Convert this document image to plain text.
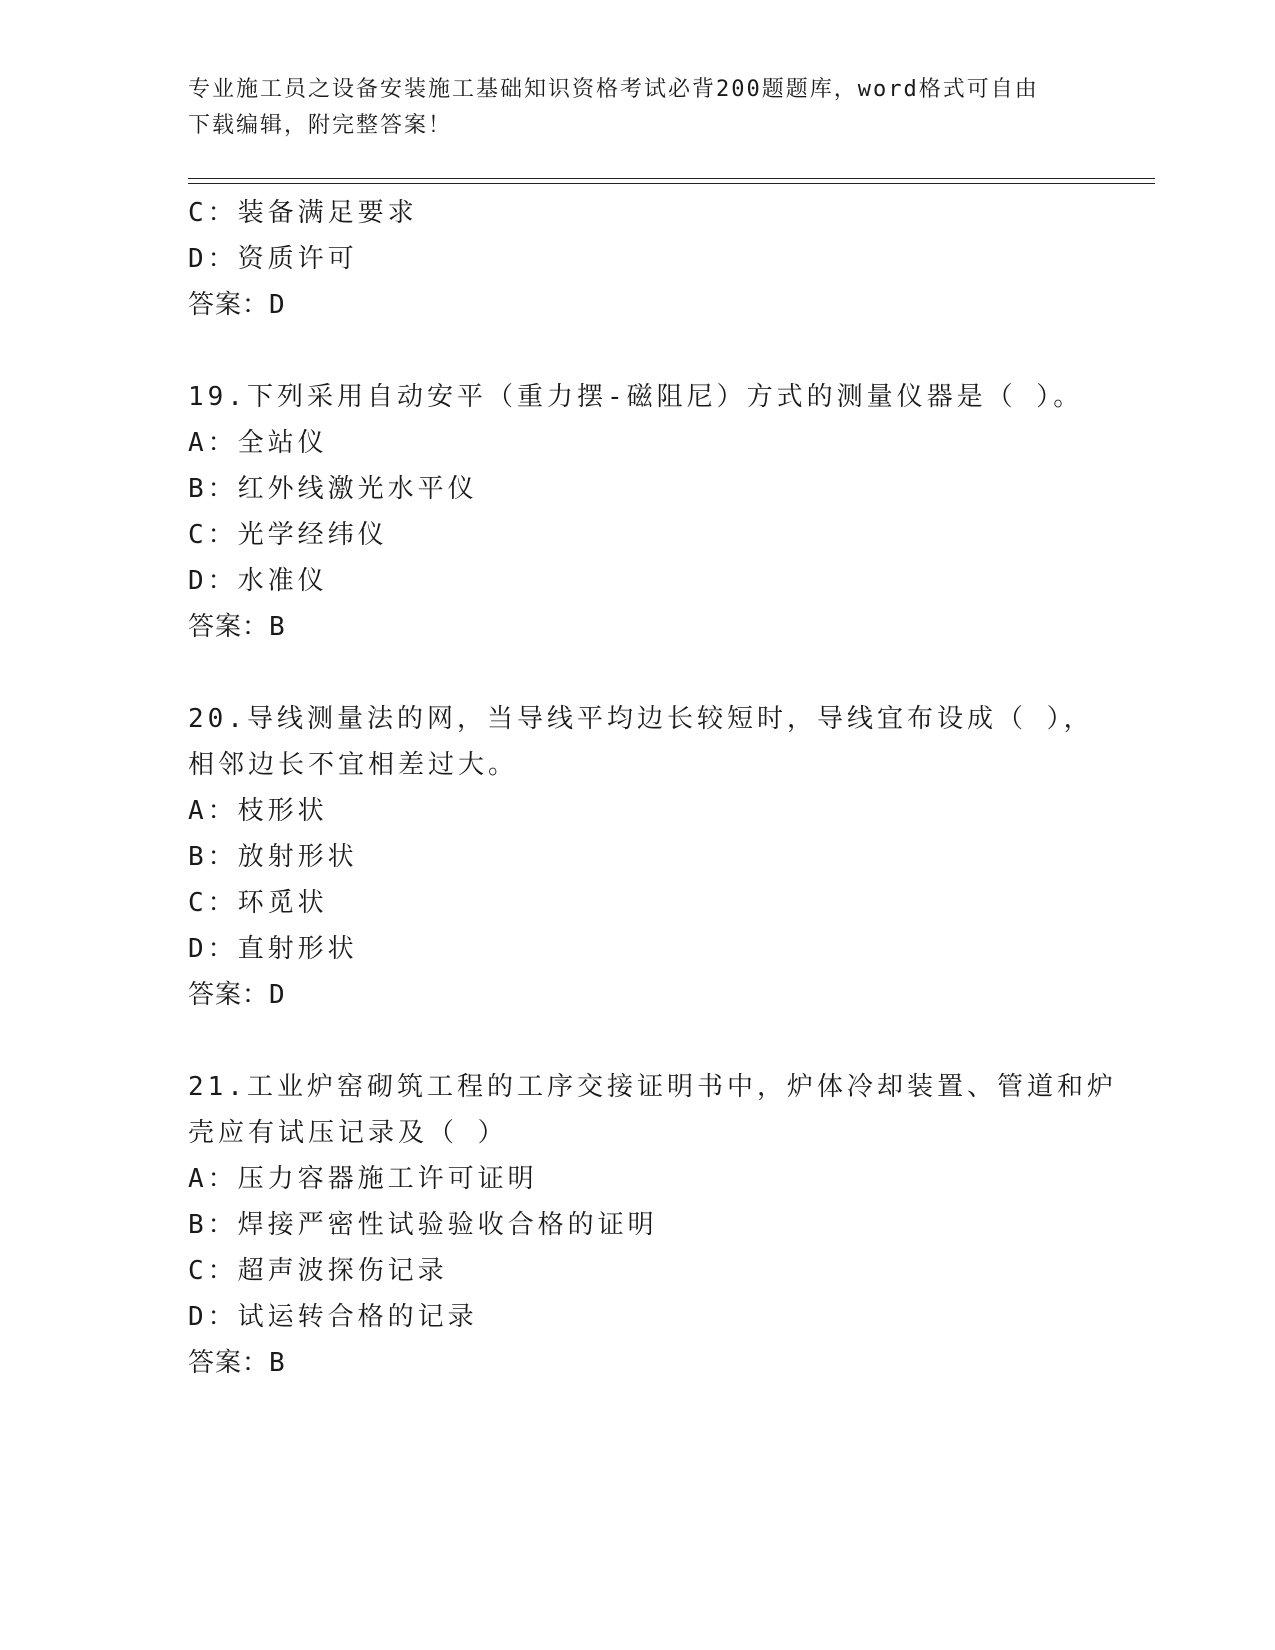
专业施工员之设备安装施工基础知识资格考试必背200题题库，word格式可自由
下载编辑，附完整答案！
C：装备满足要求
D：资质许可
答案：D
19.下列采用自动安平（重力摆-磁阻尼）方式的测量仪器是（ ）。
A：全站仪
B：红外线激光水平仪
C：光学经纬仪
D：水准仪
答案：B
20.导线测量法的网，当导线平均边长较短时，导线宜布设成（ ），
相邻边长不宜相差过大。
A：枝形状
B：放射形状
C：环觅状
D：直射形状
答案：D
21.工业炉窑砌筑工程的工序交接证明书中，炉体冷却装置、管道和炉
壳应有试压记录及（ ）
A：压力容器施工许可证明
B：焊接严密性试验验收合格的证明
C：超声波探伤记录
D：试运转合格的记录
答案：B
